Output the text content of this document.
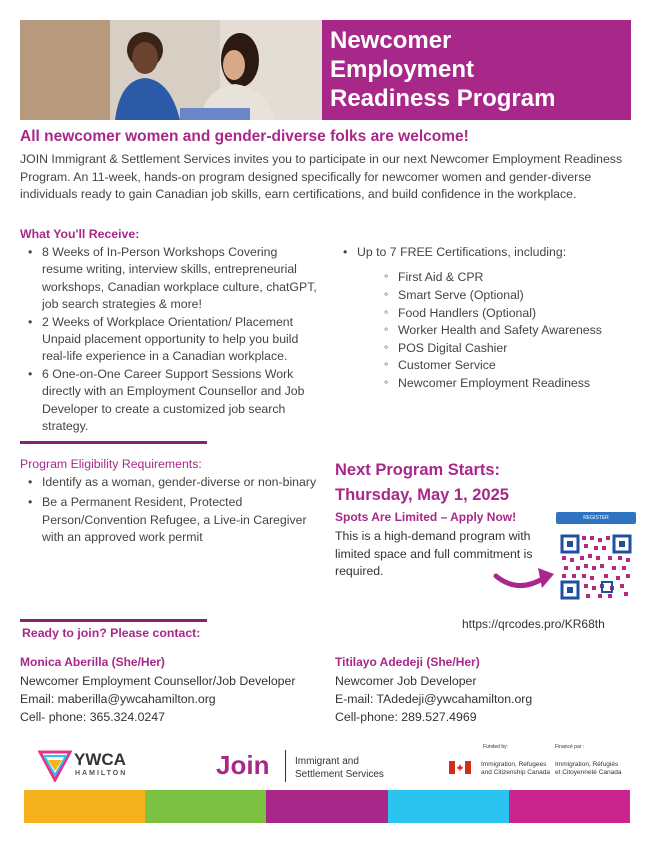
Newcomer
Employment
Readiness Program
All newcomer women and gender-diverse folks are welcome!
JOIN Immigrant & Settlement Services invites you to participate in our next Newcomer Employment Readiness Program. An 11-week, hands-on program designed specifically for newcomer women and gender-diverse individuals ready to gain Canadian job skills, earn certifications, and build confidence in the workplace.
What You'll Receive:
• 8 Weeks of In-Person Workshops Covering resume writing, interview skills, entrepreneurial workshops, Canadian workplace culture, chatGPT, job search strategies & more!
• 2 Weeks of Workplace Orientation/ Placement Unpaid placement opportunity to help you build real-life experience in a Canadian workplace.
• 6 One-on-One Career Support Sessions Work directly with an Employment Counsellor and Job Developer to create a customized job search strategy.
• Up to 7 FREE Certifications, including:
◦ First Aid & CPR
◦ Smart Serve (Optional)
◦ Food Handlers (Optional)
◦ Worker Health and Safety Awareness
◦ POS Digital Cashier
◦ Customer Service
◦ Newcomer Employment Readiness
Program Eligibility Requirements:
• Identify as a woman, gender-diverse or non-binary
• Be a Permanent Resident, Protected Person/Convention Refugee, a Live-in Caregiver with an approved work permit
Next Program Starts:
Thursday, May 1, 2025
Spots Are Limited – Apply Now!
This is a high-demand program with limited space and full commitment is required.
REGISTER
https://qrcodes.pro/KR68th
Ready to join? Please contact:
Monica Aberilla (She/Her)
Newcomer Employment Counsellor/Job Developer
Email: maberilla@ywcahamilton.org
Cell- phone: 365.324.0247
Titilayo Adedeji (She/Her)
Newcomer Job Developer
E-mail: TAdedeji@ywcahamilton.org
Cell-phone: 289.527.4969
YWCA
HAMILTON	Join	Immigrant and
Settlement Services
Funded by:	Financé par :
Immigration, Refugees
and Citizenship Canada
Immigration, Réfugiés
et Citoyenneté Canada
